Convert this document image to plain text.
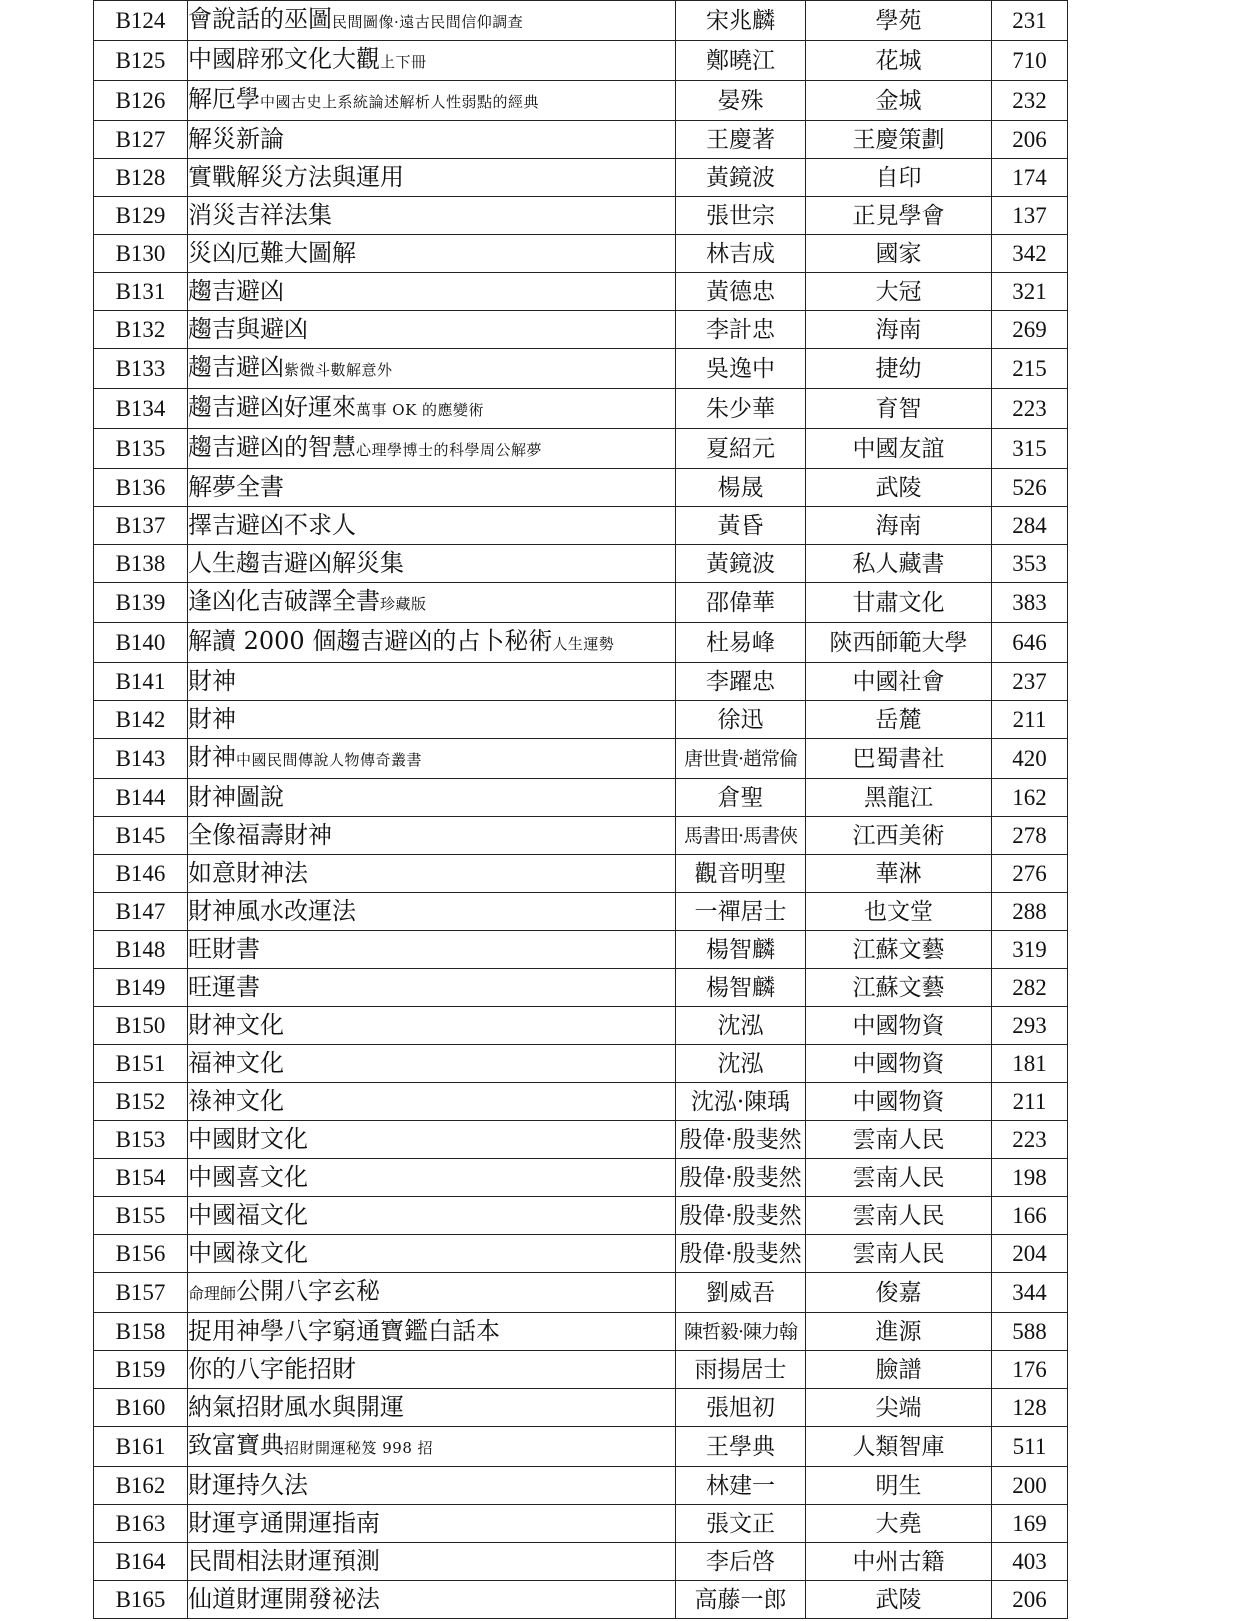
B124	會說話的巫圖民間圖像·遠古民間信仰調查	宋兆麟	學苑	231
B125	中國辟邪文化大觀上下冊	鄭曉江	花城	710
B126	解厄學中國古史上系統論述解析人性弱點的經典	晏殊	金城	232
B127	解災新論	王慶著	王慶策劃	206
B128	實戰解災方法與運用	黃鏡波	自印	174
B129	消災吉祥法集	張世宗	正見學會	137
B130	災凶厄難大圖解	林吉成	國家	342
B131	趨吉避凶	黃德忠	大冠	321
B132	趨吉與避凶	李計忠	海南	269
B133	趨吉避凶紫微斗數解意外	吳逸中	捷幼	215
B134	趨吉避凶好運來萬事 OK 的應變術	朱少華	育智	223
B135	趨吉避凶的智慧心理學博士的科學周公解夢	夏紹元	中國友誼	315
B136	解夢全書	楊晟	武陵	526
B137	擇吉避凶不求人	黃昏	海南	284
B138	人生趨吉避凶解災集	黃鏡波	私人藏書	353
B139	逢凶化吉破譯全書珍藏版	邵偉華	甘肅文化	383
B140	解讀 2000 個趨吉避凶的占卜秘術人生運勢	杜易峰	陝西師範大學	646
B141	財神	李躍忠	中國社會	237
B142	財神	徐迅	岳麓	211
B143	財神中國民間傳說人物傳奇叢書	唐世貴·趙常倫	巴蜀書社	420
B144	財神圖說	倉聖	黑龍江	162
B145	全像福壽財神	馬書田·馬書俠	江西美術	278
B146	如意財神法	觀音明聖	華淋	276
B147	財神風水改運法	一禪居士	也文堂	288
B148	旺財書	楊智麟	江蘇文藝	319
B149	旺運書	楊智麟	江蘇文藝	282
B150	財神文化	沈泓	中國物資	293
B151	福神文化	沈泓	中國物資	181
B152	祿神文化	沈泓·陳瑀	中國物資	211
B153	中國財文化	殷偉·殷斐然	雲南人民	223
B154	中國喜文化	殷偉·殷斐然	雲南人民	198
B155	中國福文化	殷偉·殷斐然	雲南人民	166
B156	中國祿文化	殷偉·殷斐然	雲南人民	204
B157	命理師公開八字玄秘	劉威吾	俊嘉	344
B158	捉用神學八字窮通寶鑑白話本	陳哲毅·陳力翰	進源	588
B159	你的八字能招財	雨揚居士	臉譜	176
B160	納氣招財風水與開運	張旭初	尖端	128
B161	致富寶典招財開運秘笈 998 招	王學典	人類智庫	511
B162	財運持久法	林建一	明生	200
B163	財運亨通開運指南	張文正	大堯	169
B164	民間相法財運預測	李后啓	中州古籍	403
B165	仙道財運開發祕法	高藤一郎	武陵	206
